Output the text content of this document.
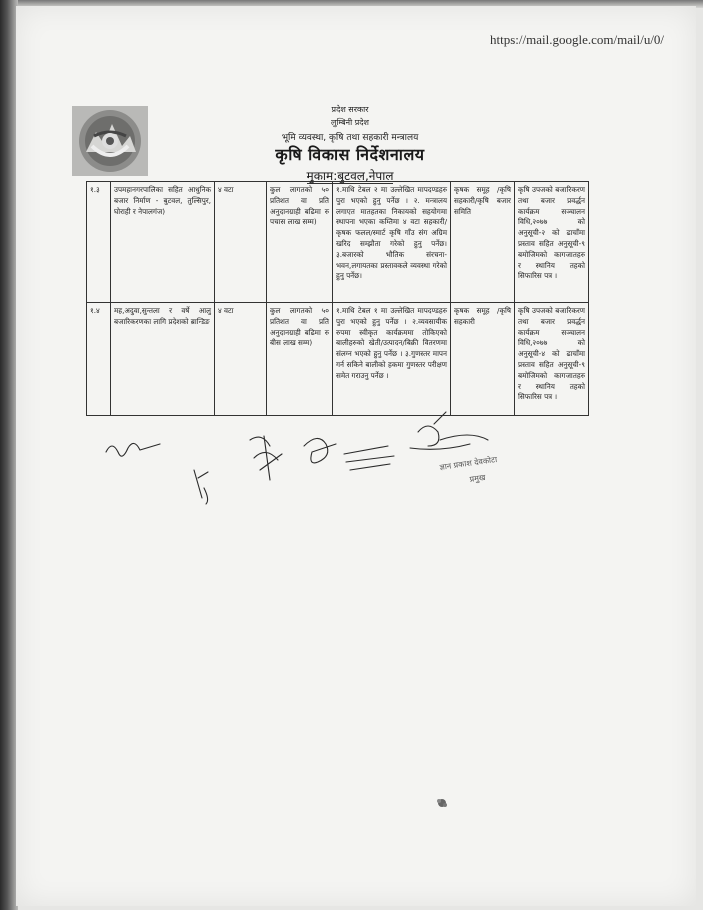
https://mail.google.com/mail/u/0/
प्रदेश सरकार
लुम्बिनी प्रदेश
भूमि व्यवस्था, कृषि तथा सहकारी मन्त्रालय
कृषि विकास निर्देशनालय
मुकाम:बुटवल,नेपाल
१.३	उपमहानगरपालिका सहित आधुनिक बजार निर्माण - बुटवल, तुल्सिपुर, घोराही र नेपालगंज)	४ वटा	कुल लागतको ५० प्रतिशत वा प्रति अनुदानग्राही बढिमा रु पचास लाख सम्म)	१.माथि टेबल २ मा उल्लेखित मापदण्डहरु पुरा भएको हुनु पर्नेछ । २. मन्त्रालय लगाएत मातहतका निकायको सहयोगमा स्थापना भएका कम्तिमा ४ वटा सहकारी/कृषक फलल/स्मार्ट कृषि गाँउ संग अग्रिम खरिद सम्झौता गरेको हुनु पर्नेछ। ३.बजारको भौतिक संरचना-भवन,लगायतका प्रस्तावकले व्यवस्था गरेको हुनु पर्नेछ।	कृषक समूह /कृषि सहकारी/कृषि बजार समिति	कृषि उपजको बजारिकरण तथा बजार प्रवर्द्धन कार्यक्रम सञ्चालन विधि,२०७७ को अनुसूची-२ को ढाचाँमा प्रस्ताव सहित अनुसूची-९ बमोजिमको कागजातहरु र स्थानिय तहको सिफारिस पत्र ।
१.४	मह,अदुवा,सुन्तला र वर्षे आलु बजारिकरणका लागि प्रदेशको ब्रान्डिङ	४ वटा	कुल लागतको ५० प्रतिशत वा प्रति अनुदानग्राही बढिमा रु बीस लाख सम्म)	१.माथि टेबल १ मा उल्लेखित मापदण्डहरु पुरा भएको हुनु पर्नेछ । २.व्यवसायीक रुपमा स्वीकृत कार्यक्रममा तोकिएको बालीहरुको खेती/उत्पादन/बिक्री वितरणमा संलग्न भएको हुनु पर्नेछ । ३.गुणस्तर मापन गर्न सकिने बालीको हकमा गुणस्तर परीक्षण समेत गराउनु पर्नेछ ।	कृषक समूह /कृषि सहकारी	कृषि उपजको बजारिकरण तथा बजार प्रवर्द्धन कार्यक्रम सञ्चालन विधि,२०७७ को अनुसूची-४ को ढाचाँमा प्रस्ताव सहित अनुसूची-९ बमोजिमको कागजातहरु र स्थानिय तहको सिफारिस पत्र ।
ज्ञान प्रकाश देवकोटा
प्रमुख
